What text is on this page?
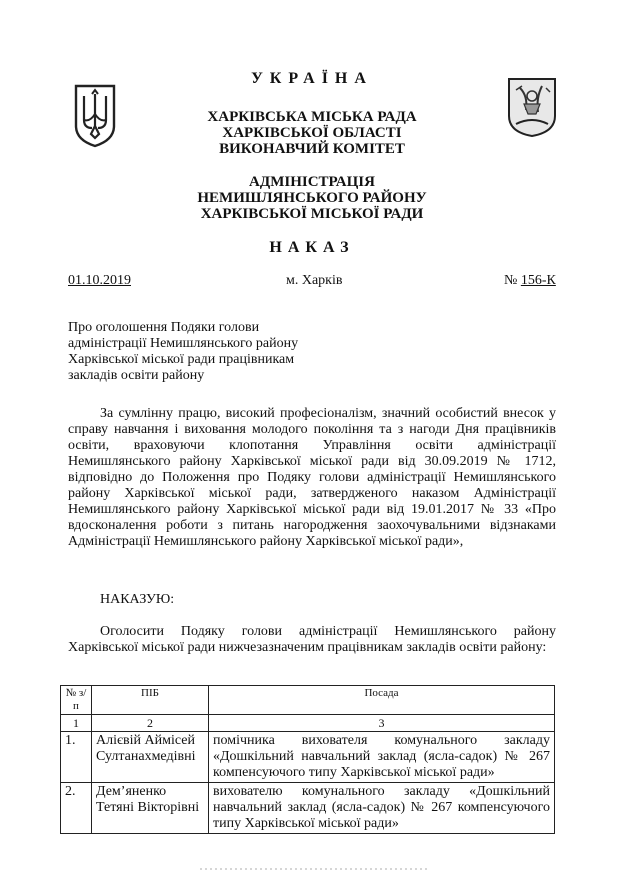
УКРАЇНА
ХАРКІВСЬКА МІСЬКА РАДА
ХАРКІВСЬКОЇ ОБЛАСТІ
ВИКОНАВЧИЙ КОМІТЕТ
АДМІНІСТРАЦІЯ
НЕМИШЛЯНСЬКОГО РАЙОНУ
ХАРКІВСЬКОЇ МІСЬКОЇ РАДИ
НАКАЗ
01.10.2019	м. Харків	№ 156-К
Про оголошення Подяки голови
адміністрації Немишлянського району
Харківської міської ради працівникам
закладів освіти району

За сумлінну працю, високий професіоналізм, значний особистий внесок у справу навчання і виховання молодого покоління та з нагоди Дня працівників освіти, враховуючи клопотання Управління освіти адміністрації Немишлянського району Харківської міської ради від 30.09.2019 № 1712, відповідно до Положення про Подяку голови адміністрації Немишлянського району Харківської міської ради, затвердженого наказом Адміністрації Немишлянського району Харківської міської ради від 19.01.2017 № 33 «Про вдосконалення роботи з питань нагородження заохочувальними відзнаками Адміністрації Немишлянського району Харківської міської ради»,

НАКАЗУЮ:

Оголосити Подяку голови адміністрації Немишлянського району Харківської міської ради нижчезазначеним працівникам закладів освіти району:

№ з/п	ПІБ	Посада
1	2	3
1.	Алієвій Аймісей Султанахмедівні	помічника вихователя комунального закладу «Дошкільний навчальний заклад (ясла-садок) № 267 компенсуючого типу Харківської міської ради»
2.	Дем’яненко Тетяні Вікторівні	вихователю комунального закладу «Дошкільний навчальний заклад (ясла-садок) № 267 компенсуючого типу Харківської міської ради»
